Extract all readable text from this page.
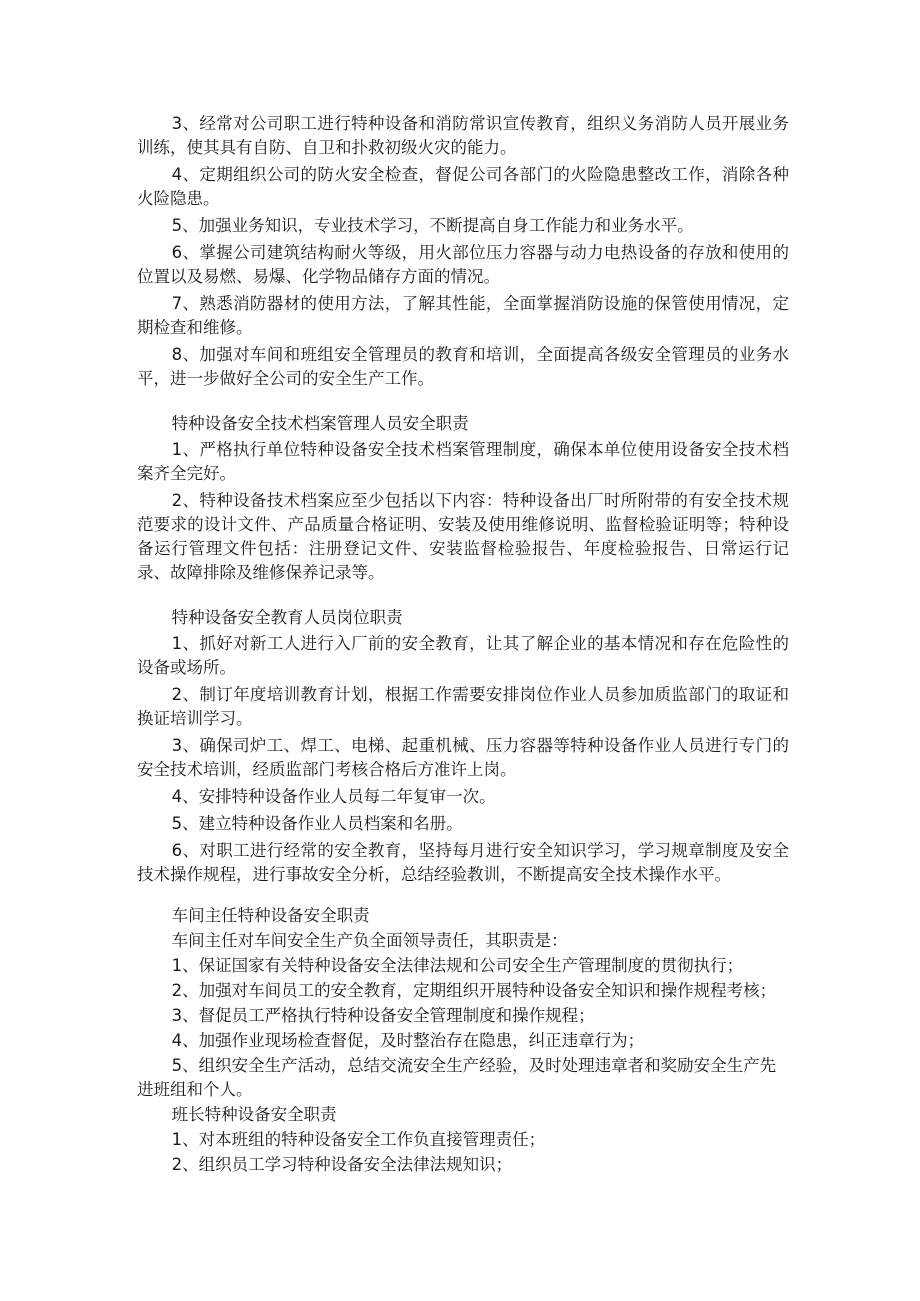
3、经常对公司职工进行特种设备和消防常识宣传教育，组织义务消防人员开展业务训练，使其具有自防、自卫和扑救初级火灾的能力。

4、定期组织公司的防火安全检查，督促公司各部门的火险隐患整改工作，消除各种火险隐患。

5、加强业务知识，专业技术学习，不断提高自身工作能力和业务水平。

6、掌握公司建筑结构耐火等级，用火部位压力容器与动力电热设备的存放和使用的位置以及易燃、易爆、化学物品储存方面的情况。

7、熟悉消防器材的使用方法，了解其性能，全面掌握消防设施的保管使用情况，定期检查和维修。

8、加强对车间和班组安全管理员的教育和培训，全面提高各级安全管理员的业务水平，进一步做好全公司的安全生产工作。

特种设备安全技术档案管理人员安全职责

1、严格执行单位特种设备安全技术档案管理制度，确保本单位使用设备安全技术档案齐全完好。

2、特种设备技术档案应至少包括以下内容：特种设备出厂时所附带的有安全技术规范要求的设计文件、产品质量合格证明、安装及使用维修说明、监督检验证明等；特种设备运行管理文件包括：注册登记文件、安装监督检验报告、年度检验报告、日常运行记录、故障排除及维修保养记录等。

特种设备安全教育人员岗位职责

1、抓好对新工人进行入厂前的安全教育，让其了解企业的基本情况和存在危险性的设备或场所。

2、制订年度培训教育计划，根据工作需要安排岗位作业人员参加质监部门的取证和换证培训学习。

3、确保司炉工、焊工、电梯、起重机械、压力容器等特种设备作业人员进行专门的安全技术培训，经质监部门考核合格后方准许上岗。

4、安排特种设备作业人员每二年复审一次。

5、建立特种设备作业人员档案和名册。

6、对职工进行经常的安全教育，坚持每月进行安全知识学习，学习规章制度及安全技术操作规程，进行事故安全分析，总结经验教训，不断提高安全技术操作水平。

车间主任特种设备安全职责

车间主任对车间安全生产负全面领导责任，其职责是：

1、保证国家有关特种设备安全法律法规和公司安全生产管理制度的贯彻执行；

2、加强对车间员工的安全教育，定期组织开展特种设备安全知识和操作规程考核；

3、督促员工严格执行特种设备安全管理制度和操作规程；

4、加强作业现场检查督促，及时整治存在隐患，纠正违章行为；

5、组织安全生产活动，总结交流安全生产经验，及时处理违章者和奖励安全生产先进班组和个人。

班长特种设备安全职责

1、对本班组的特种设备安全工作负直接管理责任；

2、组织员工学习特种设备安全法律法规知识；
